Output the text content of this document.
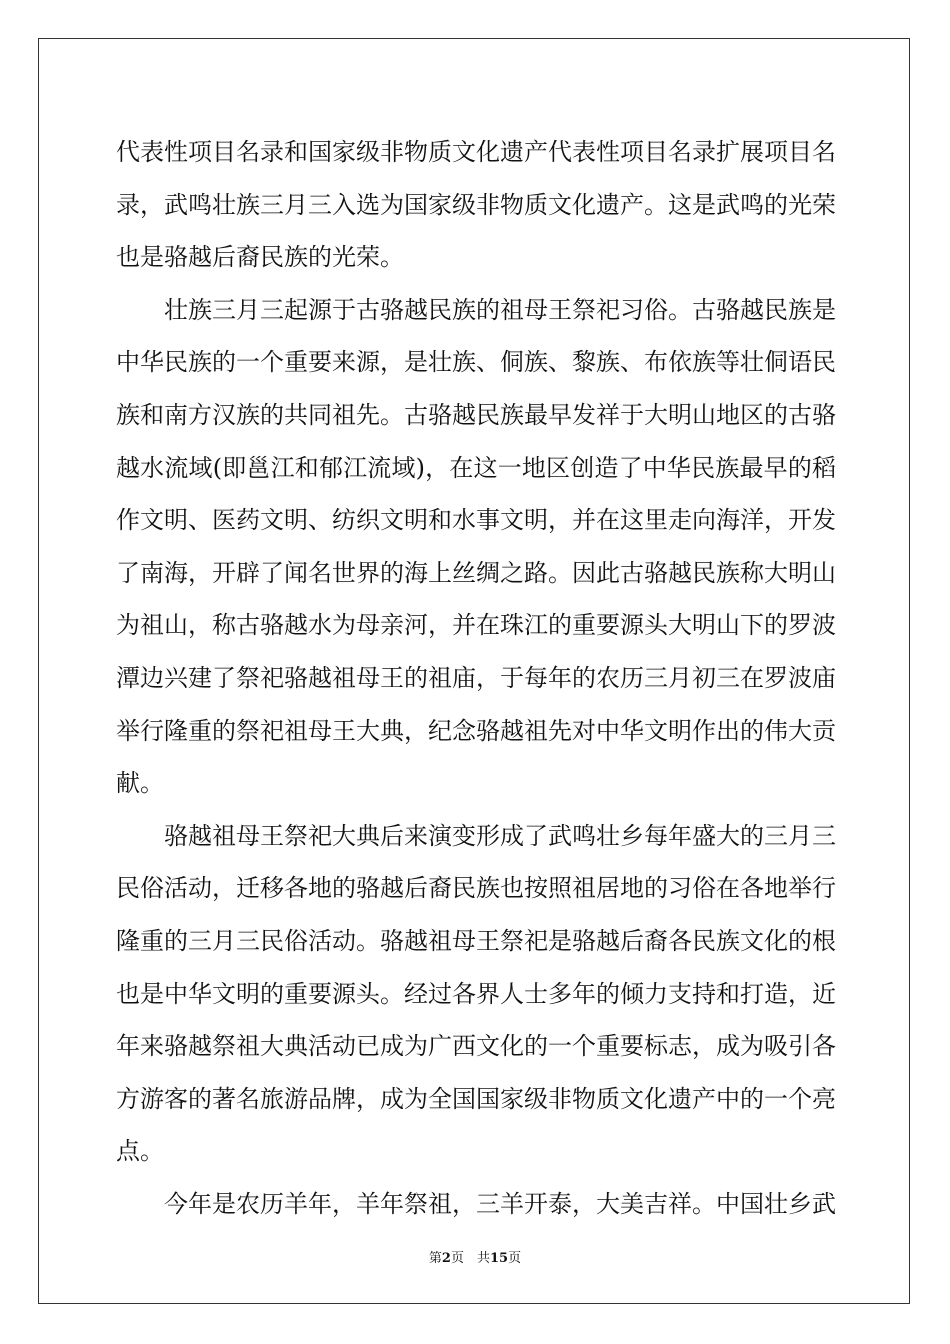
代表性项目名录和国家级非物质文化遗产代表性项目名录扩展项目名录，武鸣壮族三月三入选为国家级非物质文化遗产。这是武鸣的光荣也是骆越后裔民族的光荣。

壮族三月三起源于古骆越民族的祖母王祭祀习俗。古骆越民族是中华民族的一个重要来源，是壮族、侗族、黎族、布依族等壮侗语民族和南方汉族的共同祖先。古骆越民族最早发祥于大明山地区的古骆越水流域(即邕江和郁江流域)，在这一地区创造了中华民族最早的稻作文明、医药文明、纺织文明和水事文明，并在这里走向海洋，开发了南海，开辟了闻名世界的海上丝绸之路。因此古骆越民族称大明山为祖山，称古骆越水为母亲河，并在珠江的重要源头大明山下的罗波潭边兴建了祭祀骆越祖母王的祖庙，于每年的农历三月初三在罗波庙举行隆重的祭祀祖母王大典，纪念骆越祖先对中华文明作出的伟大贡献。

骆越祖母王祭祀大典后来演变形成了武鸣壮乡每年盛大的三月三民俗活动，迁移各地的骆越后裔民族也按照祖居地的习俗在各地举行隆重的三月三民俗活动。骆越祖母王祭祀是骆越后裔各民族文化的根也是中华文明的重要源头。经过各界人士多年的倾力支持和打造，近年来骆越祭祖大典活动已成为广西文化的一个重要标志，成为吸引各方游客的著名旅游品牌，成为全国国家级非物质文化遗产中的一个亮点。

今年是农历羊年，羊年祭祖，三羊开泰，大美吉祥。中国壮乡武

第2页　共15页
